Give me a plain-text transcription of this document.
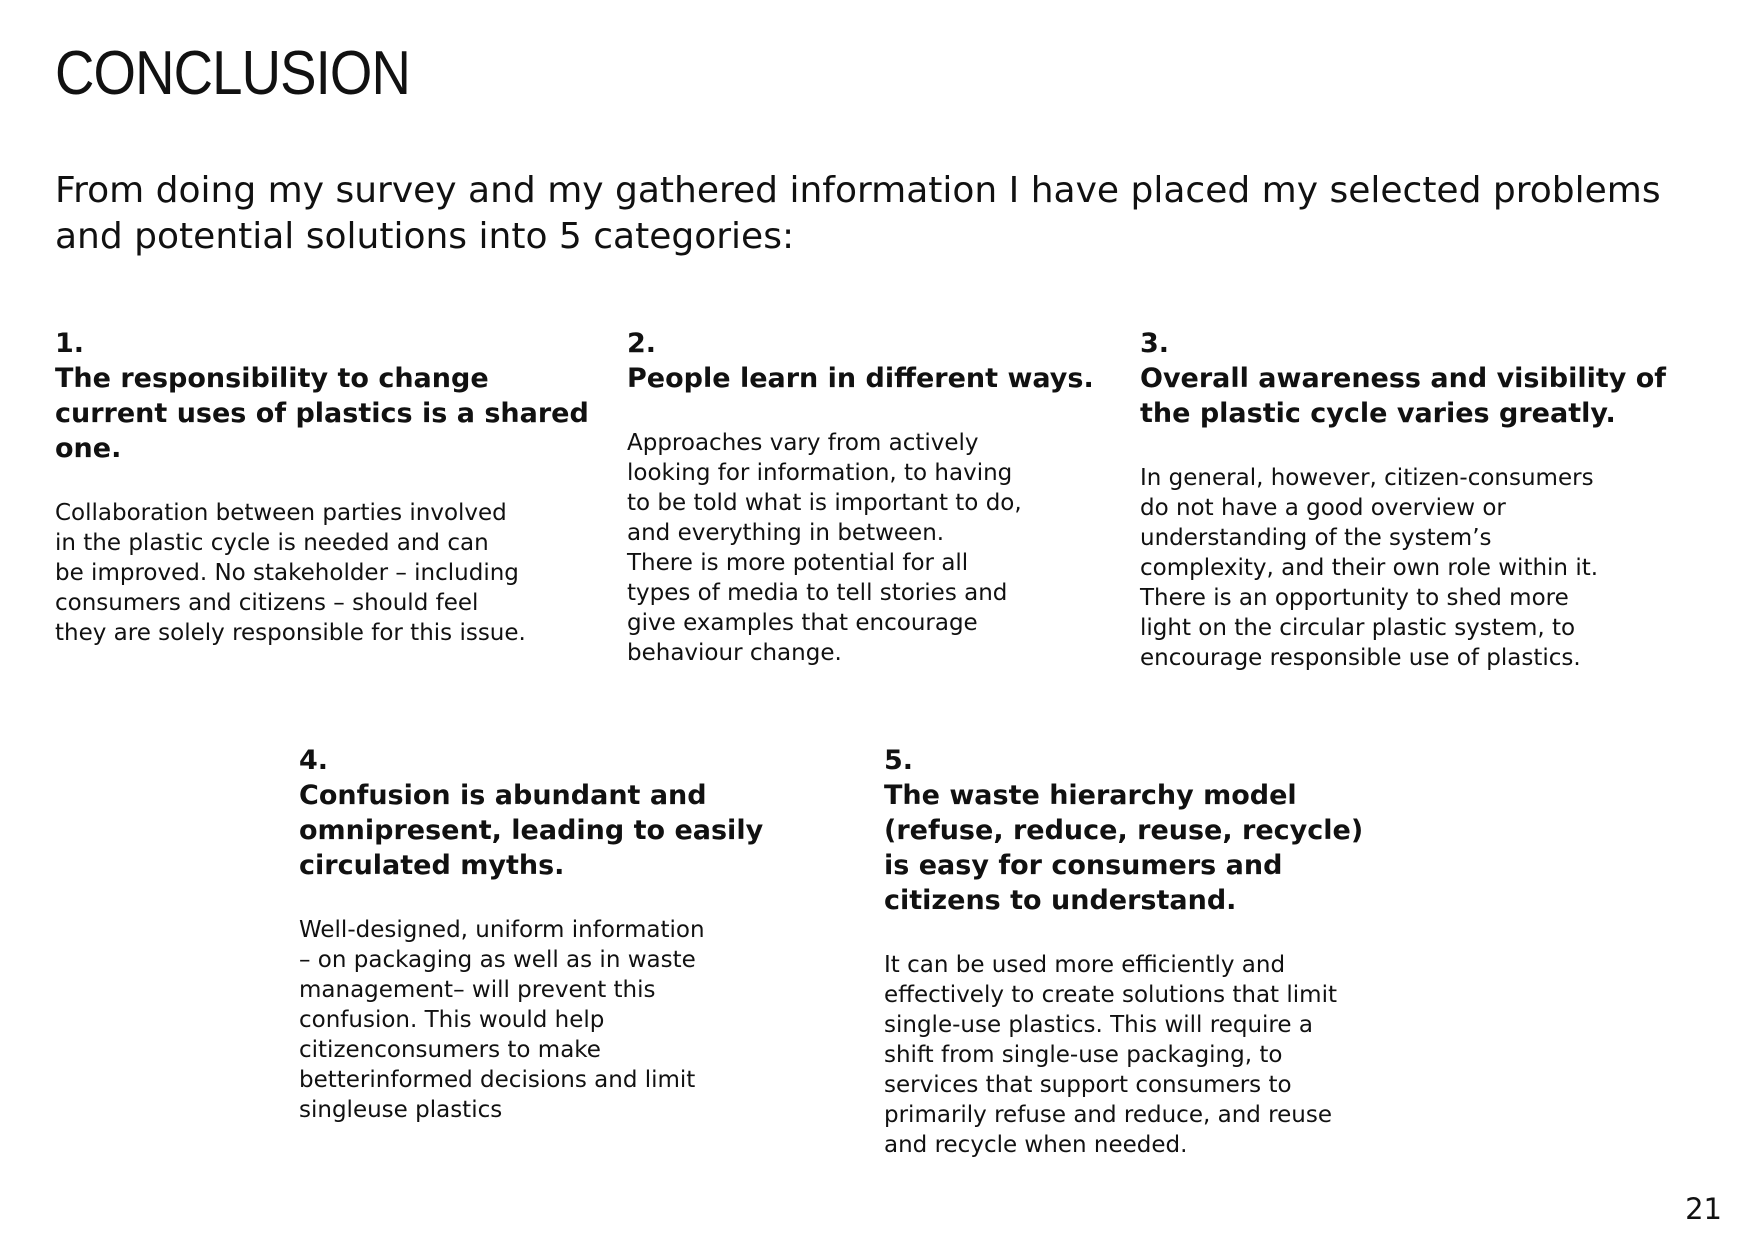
CONCLUSION

From doing my survey and my gathered information I have placed my selected problems and potential solutions into 5 categories:

1.

The responsibility to change
current uses of plastics is a shared
one.

Collaboration between parties involved
in the plastic cycle is needed and can
be improved. No stakeholder – including
consumers and citizens – should feel
they are solely responsible for this issue.

2.

People learn in different ways.

Approaches vary from actively
looking for information, to having
to be told what is important to do,
and everything in between.
There is more potential for all
types of media to tell stories and
give examples that encourage
behaviour change.

3.

Overall awareness and visibility of
the plastic cycle varies greatly.

In general, however, citizen-consumers
do not have a good overview or
understanding of the system’s
complexity, and their own role within it.
There is an opportunity to shed more
light on the circular plastic system, to
encourage responsible use of plastics.

4.

Confusion is abundant and
omnipresent, leading to easily
circulated myths.

Well-designed, uniform information
– on packaging as well as in waste
management– will prevent this
confusion. This would help
citizenconsumers to make
betterinformed decisions and limit
singleuse plastics

5.

The waste hierarchy model
(refuse, reduce, reuse, recycle)
is easy for consumers and
citizens to understand.

It can be used more efficiently and
effectively to create solutions that limit
single-use plastics. This will require a
shift from single-use packaging, to
services that support consumers to
primarily refuse and reduce, and reuse
and recycle when needed.

21
